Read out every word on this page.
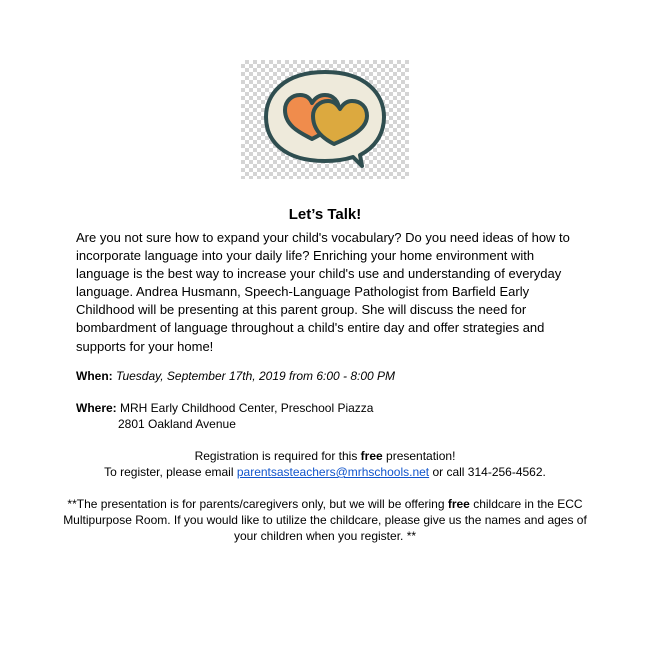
Let’s Talk!

Are you not sure how to expand your child's vocabulary? Do you need ideas of how to incorporate language into your daily life? Enriching your home environment with language is the best way to increase your child's use and understanding of everyday language. Andrea Husmann, Speech-Language Pathologist from Barfield Early Childhood will be presenting at this parent group. She will discuss the need for bombardment of language throughout a child's entire day and offer strategies and supports for your home!

When: Tuesday, September 17th, 2019 from 6:00 - 8:00 PM

Where: MRH Early Childhood Center, Preschool Piazza
2801 Oakland Avenue

Registration is required for this free presentation!
To register, please email parentsasteachers@mrhschools.net or call 314-256-4562.

**The presentation is for parents/caregivers only, but we will be offering free childcare in the ECC Multipurpose Room. If you would like to utilize the childcare, please give us the names and ages of your children when you register. **
